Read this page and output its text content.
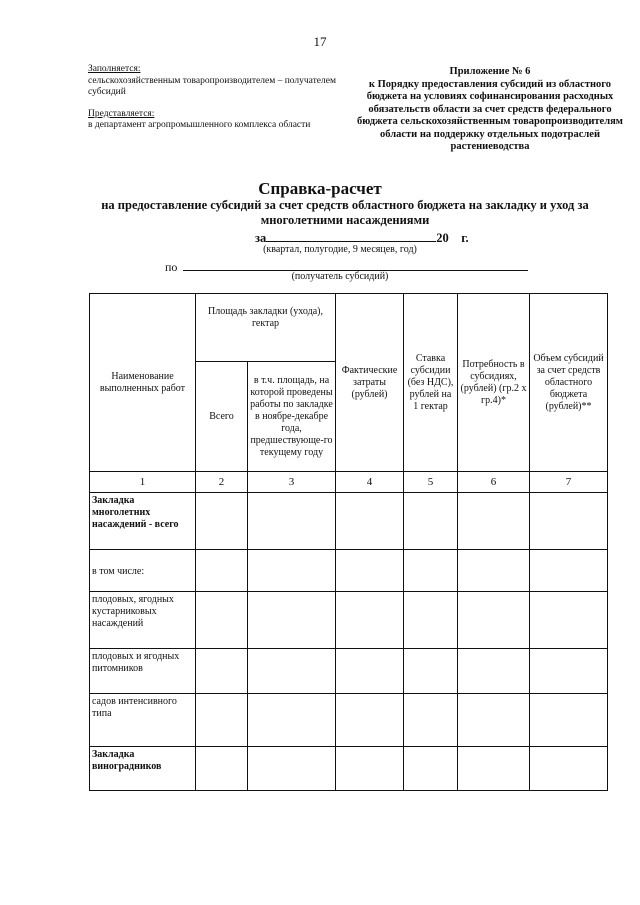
17
Заполняется:
сельскохозяйственным товаропроизводителем – получателем субсидий
Представляется:
в департамент агропромышленного комплекса области
Приложение № 6
к Порядку предоставления субсидий из областного бюджета на условиях софинансирования расходных обязательств области за счет средств федерального бюджета сельскохозяйственным товаропроизводителям области на поддержку отдельных подотраслей растениеводства
Справка-расчет
на предоставление субсидий за счет средств областного бюджета на закладку и уход за многолетними насаждениями
за	20 г.
(квартал, полугодие, 9 месяцев, год)
по
(получатель субсидий)
Наименование выполненных работ	Площадь закладки (ухода), гектар		Фактические затраты (рублей)	Ставка субсидии (без НДС), рублей на 1 гектар	Потребность в субсидиях, (рублей) (гр.2 х гр.4)*	Объем субсидий за счет средств областного бюджета (рублей)**
	Всего	в т.ч. площадь, на которой проведены работы по закладке в ноябре-декабре года, предшествующе-го текущему году				
1	2	3	4	5	6	7
Закладка многолетних насаждений - всего						
в том числе:						
плодовых, ягодных кустарниковых насаждений						
плодовых и ягодных питомников						
садов интенсивного типа						
Закладка виноградников						
